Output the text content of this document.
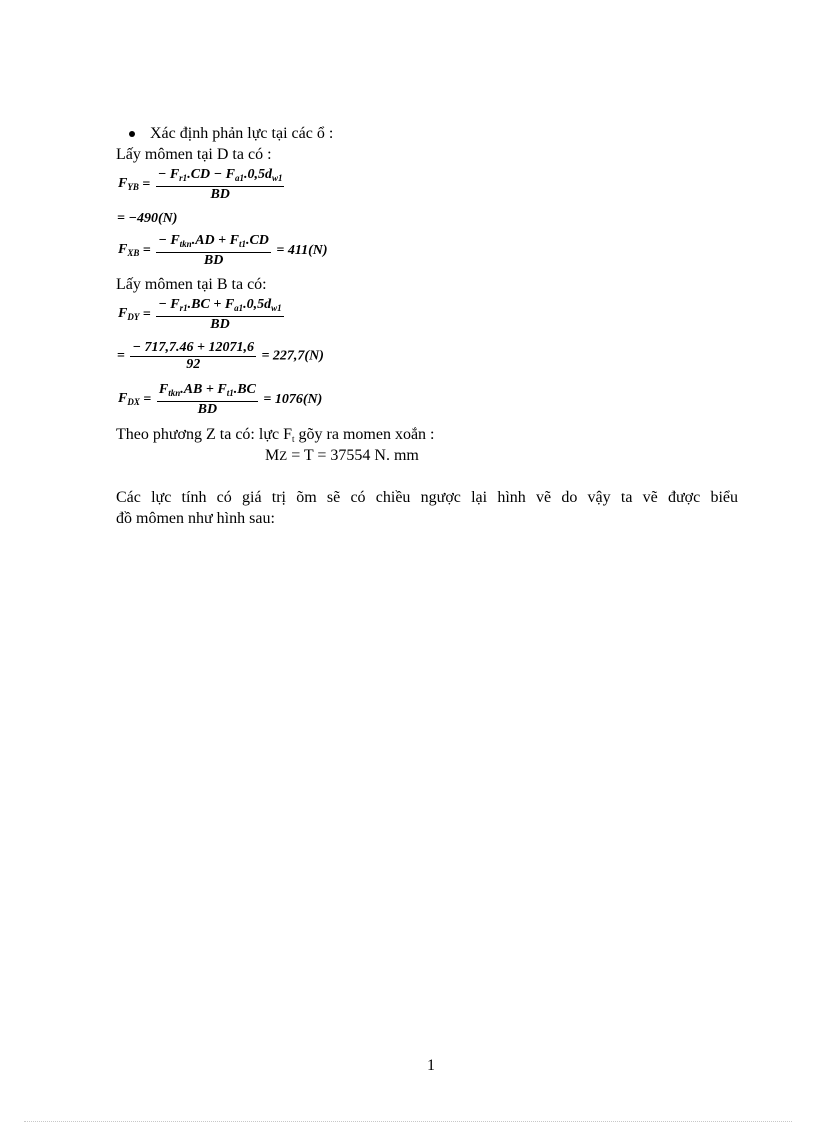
Xác định phản lực tại các ổ :
Lấy mômen tại D ta có :
$F_{YB} = \frac{- F_{r1}.CD - F_{a1}.0,5d_{w1}}{BD}$
= −490(N)
$F_{XB} = \frac{- F_{tkn}.AD + F_{t1}.CD}{BD} = 411(N)$
Lấy mômen tại B ta có:
$F_{DY} = \frac{- F_{r1}.BC + F_{a1}.0,5d_{w1}}{BD}$
= $\frac{- 717,7.46 + 12071,6}{92} = 227,7(N)$
$F_{DX} = \frac{F_{tkn}.AB + F_{t1}.BC}{BD} = 1076(N)$
Theo phương Z ta có: lực $F_t$ gõy ra momen xoắn :
MZ = T = 37554 N. mm
Các lực tính có giá trị õm sẽ có chiều ngược lại hình vẽ do vậy ta vẽ được biểu
đồ mômen như hình sau:
1
